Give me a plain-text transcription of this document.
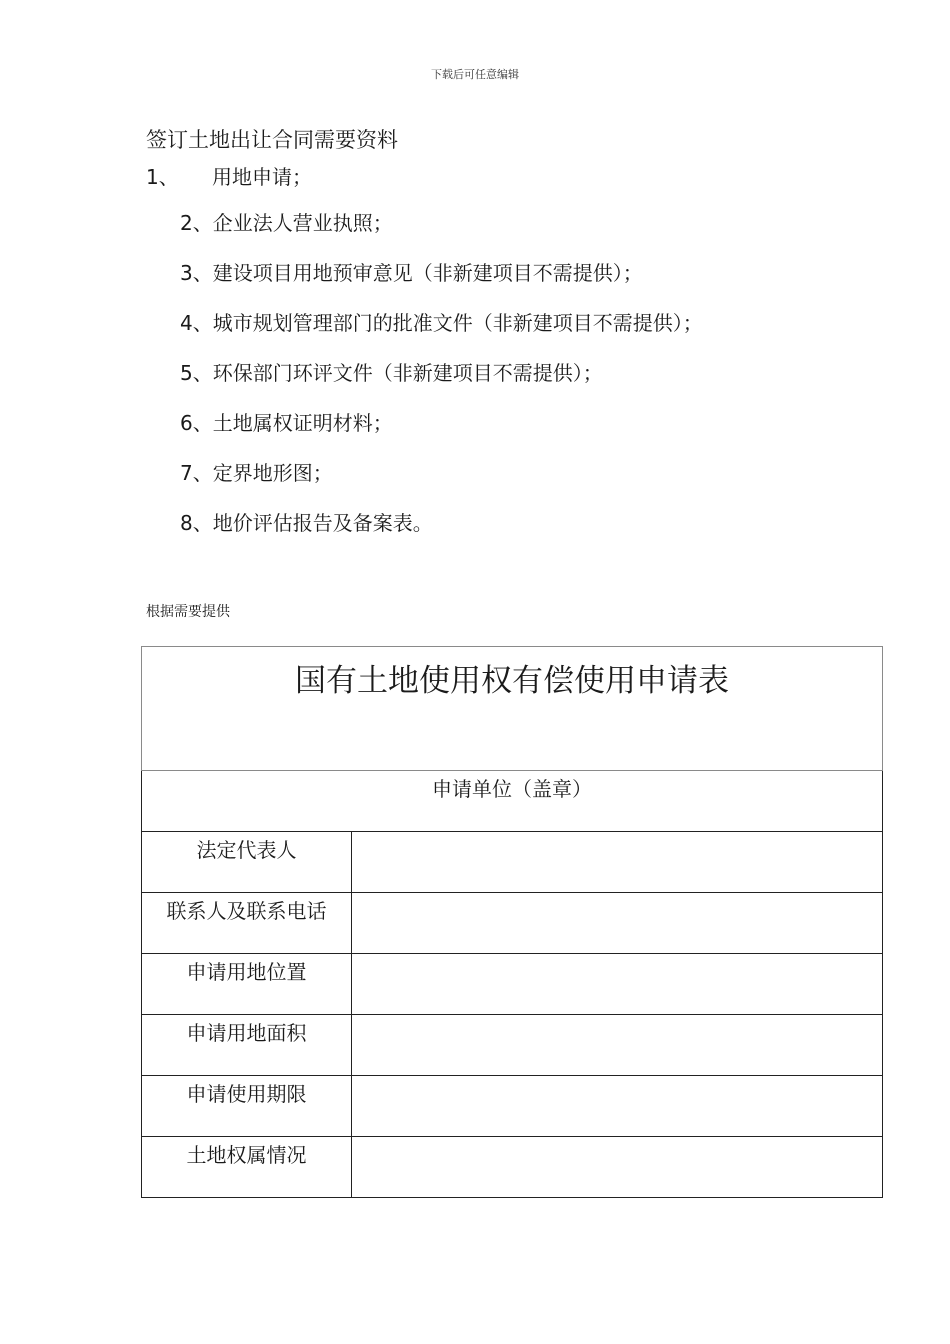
下载后可任意编辑
签订土地出让合同需要资料
1、 用地申请；
2、企业法人营业执照；
3、建设项目用地预审意见（非新建项目不需提供）；
4、城市规划管理部门的批准文件（非新建项目不需提供）；
5、环保部门环评文件（非新建项目不需提供）；
6、土地属权证明材料；
7、定界地形图；
8、地价评估报告及备案表。
根据需要提供
国有土地使用权有偿使用申请表	
申请单位（盖章）	
法定代表人	
联系人及联系电话	
申请用地位置	
申请用地面积	
申请使用期限	
土地权属情况	
